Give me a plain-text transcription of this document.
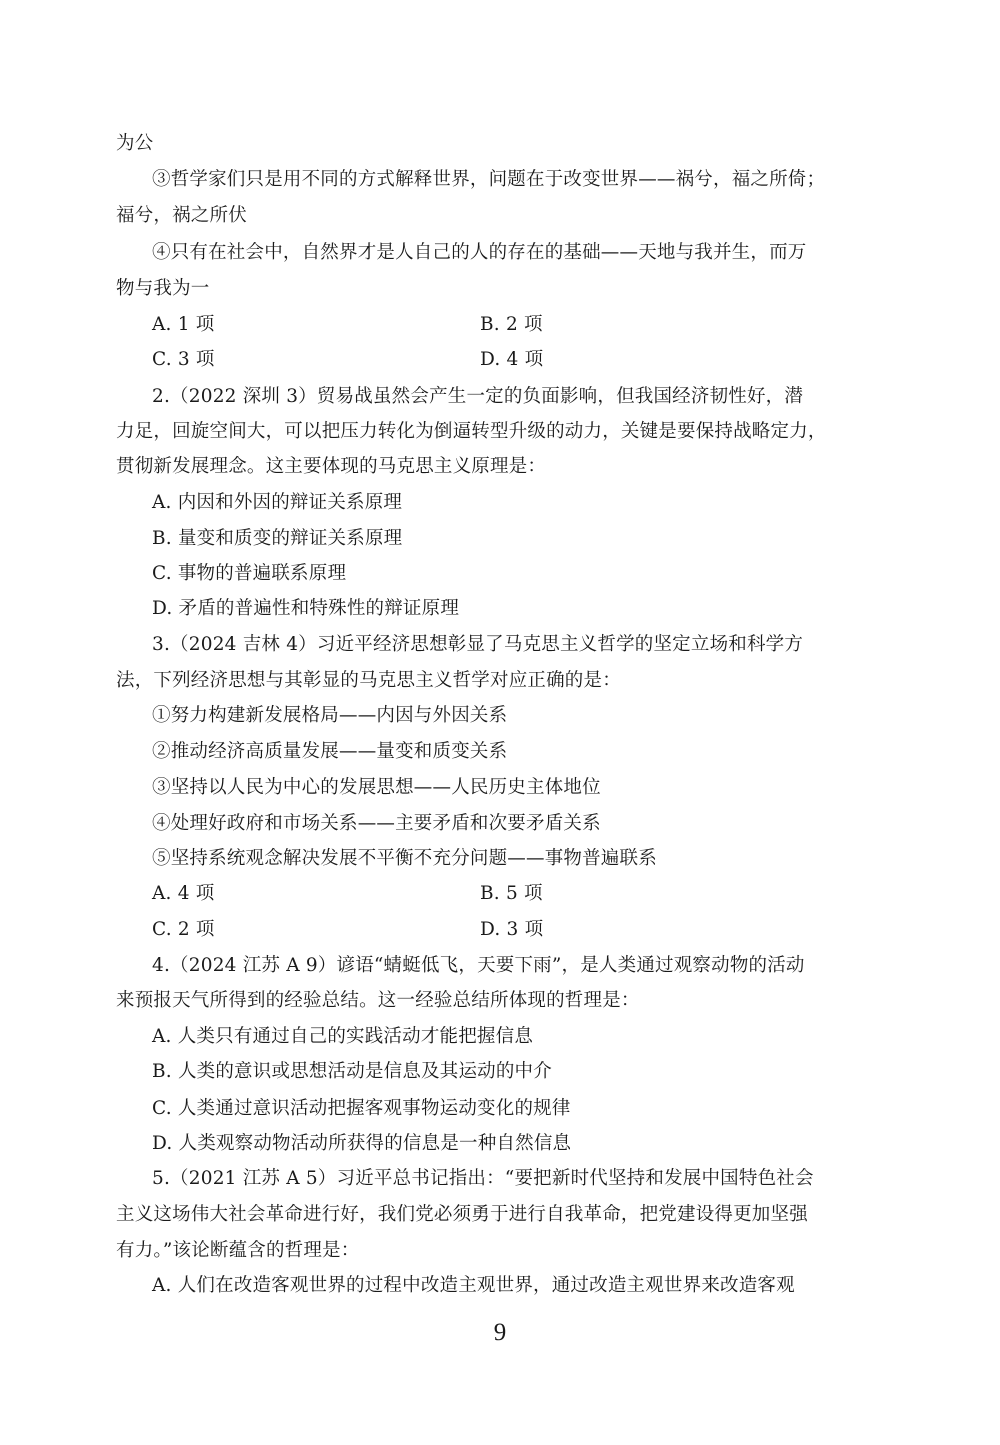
为公

③哲学家们只是用不同的方式解释世界，问题在于改变世界——祸兮，福之所倚；

福兮，祸之所伏

④只有在社会中，自然界才是人自己的人的存在的基础——天地与我并生，而万

物与我为一

A. 1 项	B. 2 项

C. 3 项	D. 4 项

2.（2022 深圳 3）贸易战虽然会产生一定的负面影响，但我国经济韧性好，潜

力足，回旋空间大，可以把压力转化为倒逼转型升级的动力，关键是要保持战略定力，

贯彻新发展理念。这主要体现的马克思主义原理是：

A. 内因和外因的辩证关系原理

B. 量变和质变的辩证关系原理

C. 事物的普遍联系原理

D. 矛盾的普遍性和特殊性的辩证原理

3.（2024 吉林 4）习近平经济思想彰显了马克思主义哲学的坚定立场和科学方

法，下列经济思想与其彰显的马克思主义哲学对应正确的是：

①努力构建新发展格局——内因与外因关系

②推动经济高质量发展——量变和质变关系

③坚持以人民为中心的发展思想——人民历史主体地位

④处理好政府和市场关系——主要矛盾和次要矛盾关系

⑤坚持系统观念解决发展不平衡不充分问题——事物普遍联系

A. 4 项	B. 5 项

C. 2 项	D. 3 项

4.（2024 江苏 A 9）谚语“蜻蜓低飞，天要下雨”，是人类通过观察动物的活动

来预报天气所得到的经验总结。这一经验总结所体现的哲理是：

A. 人类只有通过自己的实践活动才能把握信息

B. 人类的意识或思想活动是信息及其运动的中介

C. 人类通过意识活动把握客观事物运动变化的规律

D. 人类观察动物活动所获得的信息是一种自然信息

5.（2021 江苏 A 5）习近平总书记指出：“要把新时代坚持和发展中国特色社会

主义这场伟大社会革命进行好，我们党必须勇于进行自我革命，把党建设得更加坚强

有力。”该论断蕴含的哲理是：

A. 人们在改造客观世界的过程中改造主观世界，通过改造主观世界来改造客观

9
